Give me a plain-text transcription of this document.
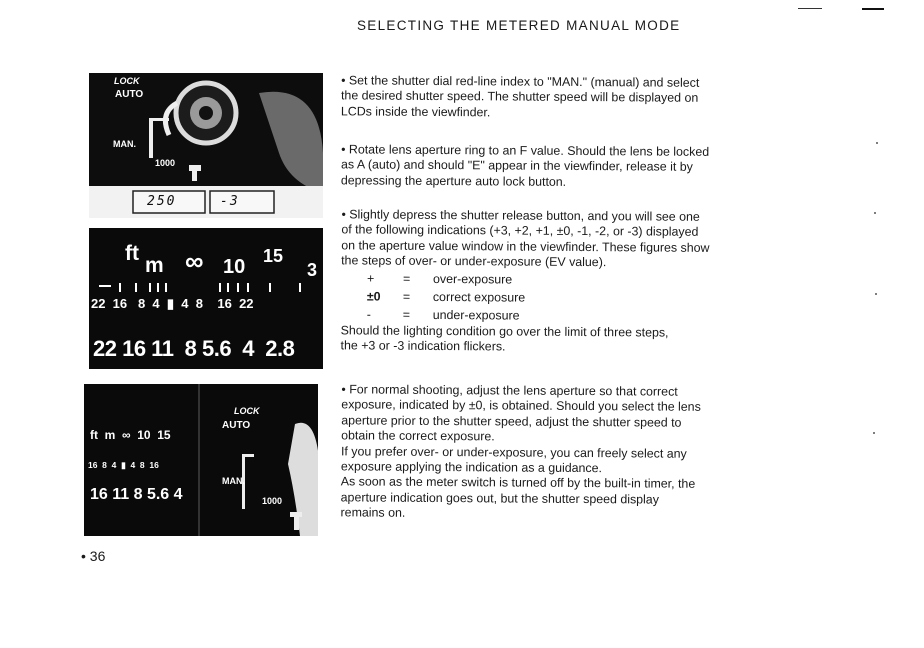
SELECTING THE METERED MANUAL MODE
LOCK
AUTO
MAN.
1000
250	-3
ft
m ∞ 10 15
3
22  16   8  4  ▮  4  8    16  22
22 16 11  8 5.6  4  2.8
ft  m  ∞  10  15
16  8  4  ▮  4  8  16
16 11 8 5.6 4
LOCK
AUTO
MAN.
1000

• Set the shutter dial red-line index to "MAN." (manual) and select

the desired shutter speed. The shutter speed will be displayed on

LCDs inside the viewfinder.

• Rotate lens aperture ring to an F value. Should the lens be locked

as A (auto) and should "E" appear in the viewfinder, release it by

depressing the aperture auto lock button.

• Slightly depress the shutter release button, and you will see one

of the following indications (+3, +2, +1, ±0, -1, -2, or -3) displayed

on the aperture value window in the viewfinder. These figures show

the steps of over- or under-exposure (EV value).

+	=	over-exposure
±0	=	correct exposure
-	=	under-exposure

Should the lighting condition go over the limit of three steps,

the +3 or -3 indication flickers.

• For normal shooting, adjust the lens aperture so that correct

exposure, indicated by ±0, is obtained. Should you select the lens

aperture prior to the shutter speed, adjust the shutter speed to

obtain the correct exposure.

If you prefer over- or under-exposure, you can freely select any

exposure applying the indication as a guidance.

As soon as the meter switch is turned off by the built-in timer, the

aperture indication goes out, but the shutter speed display

remains on.

• 36
